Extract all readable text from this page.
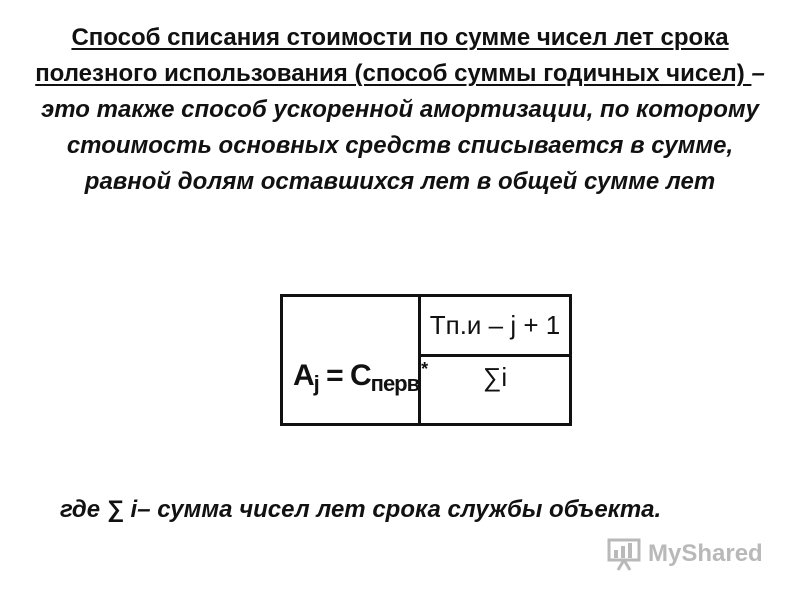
Способ списания стоимости по сумме чисел лет срока полезного использования (способ суммы годичных чисел) – это также способ ускоренной амортизации, по которому стоимость основных средств списывается в сумме, равной долям оставшихся лет в общей сумме лет

$A_j = C_{перв}^*$
Tп.и – j + 1
∑i

где ∑ i– сумма чисел лет срока службы объекта.

MyShared
